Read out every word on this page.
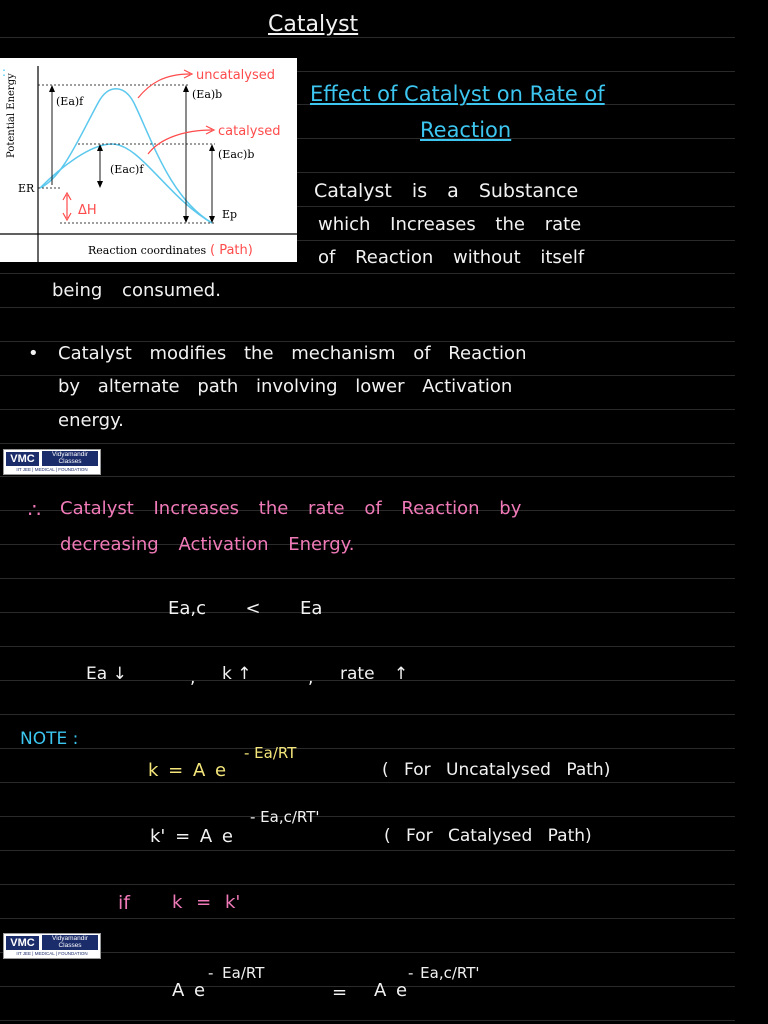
Catalyst
Potential Energy	(Ea)f
(Ea)b
(Eac)f
(Eac)b
ER
Ep
ΔH
Reaction coordinates ( Path)
uncatalysed
catalysed
:
Effect of Catalyst on Rate of
Reaction
Catalyst is a Substance
which Increases the rate
of Reaction without itself
being consumed.
• Catalyst modifies the mechanism of Reaction
by alternate path involving lower Activation
energy.
VMC	Vidyamandir Classes
IIT JEE | MEDICAL | FOUNDATION
∴ Catalyst Increases the rate of Reaction by
decreasing Activation Energy.
Ea,c  <  Ea
Ea ↓	, k ↑	, rate ↑
NOTE :
k = A e
- Ea/RT
( For Uncatalysed Path)
k' = A e
- Ea,c/RT'
( For Catalysed Path)
if k = k'
VMC	Vidyamandir Classes
IIT JEE | MEDICAL | FOUNDATION
A e
- Ea/RT
= A e
- Ea,c/RT'
